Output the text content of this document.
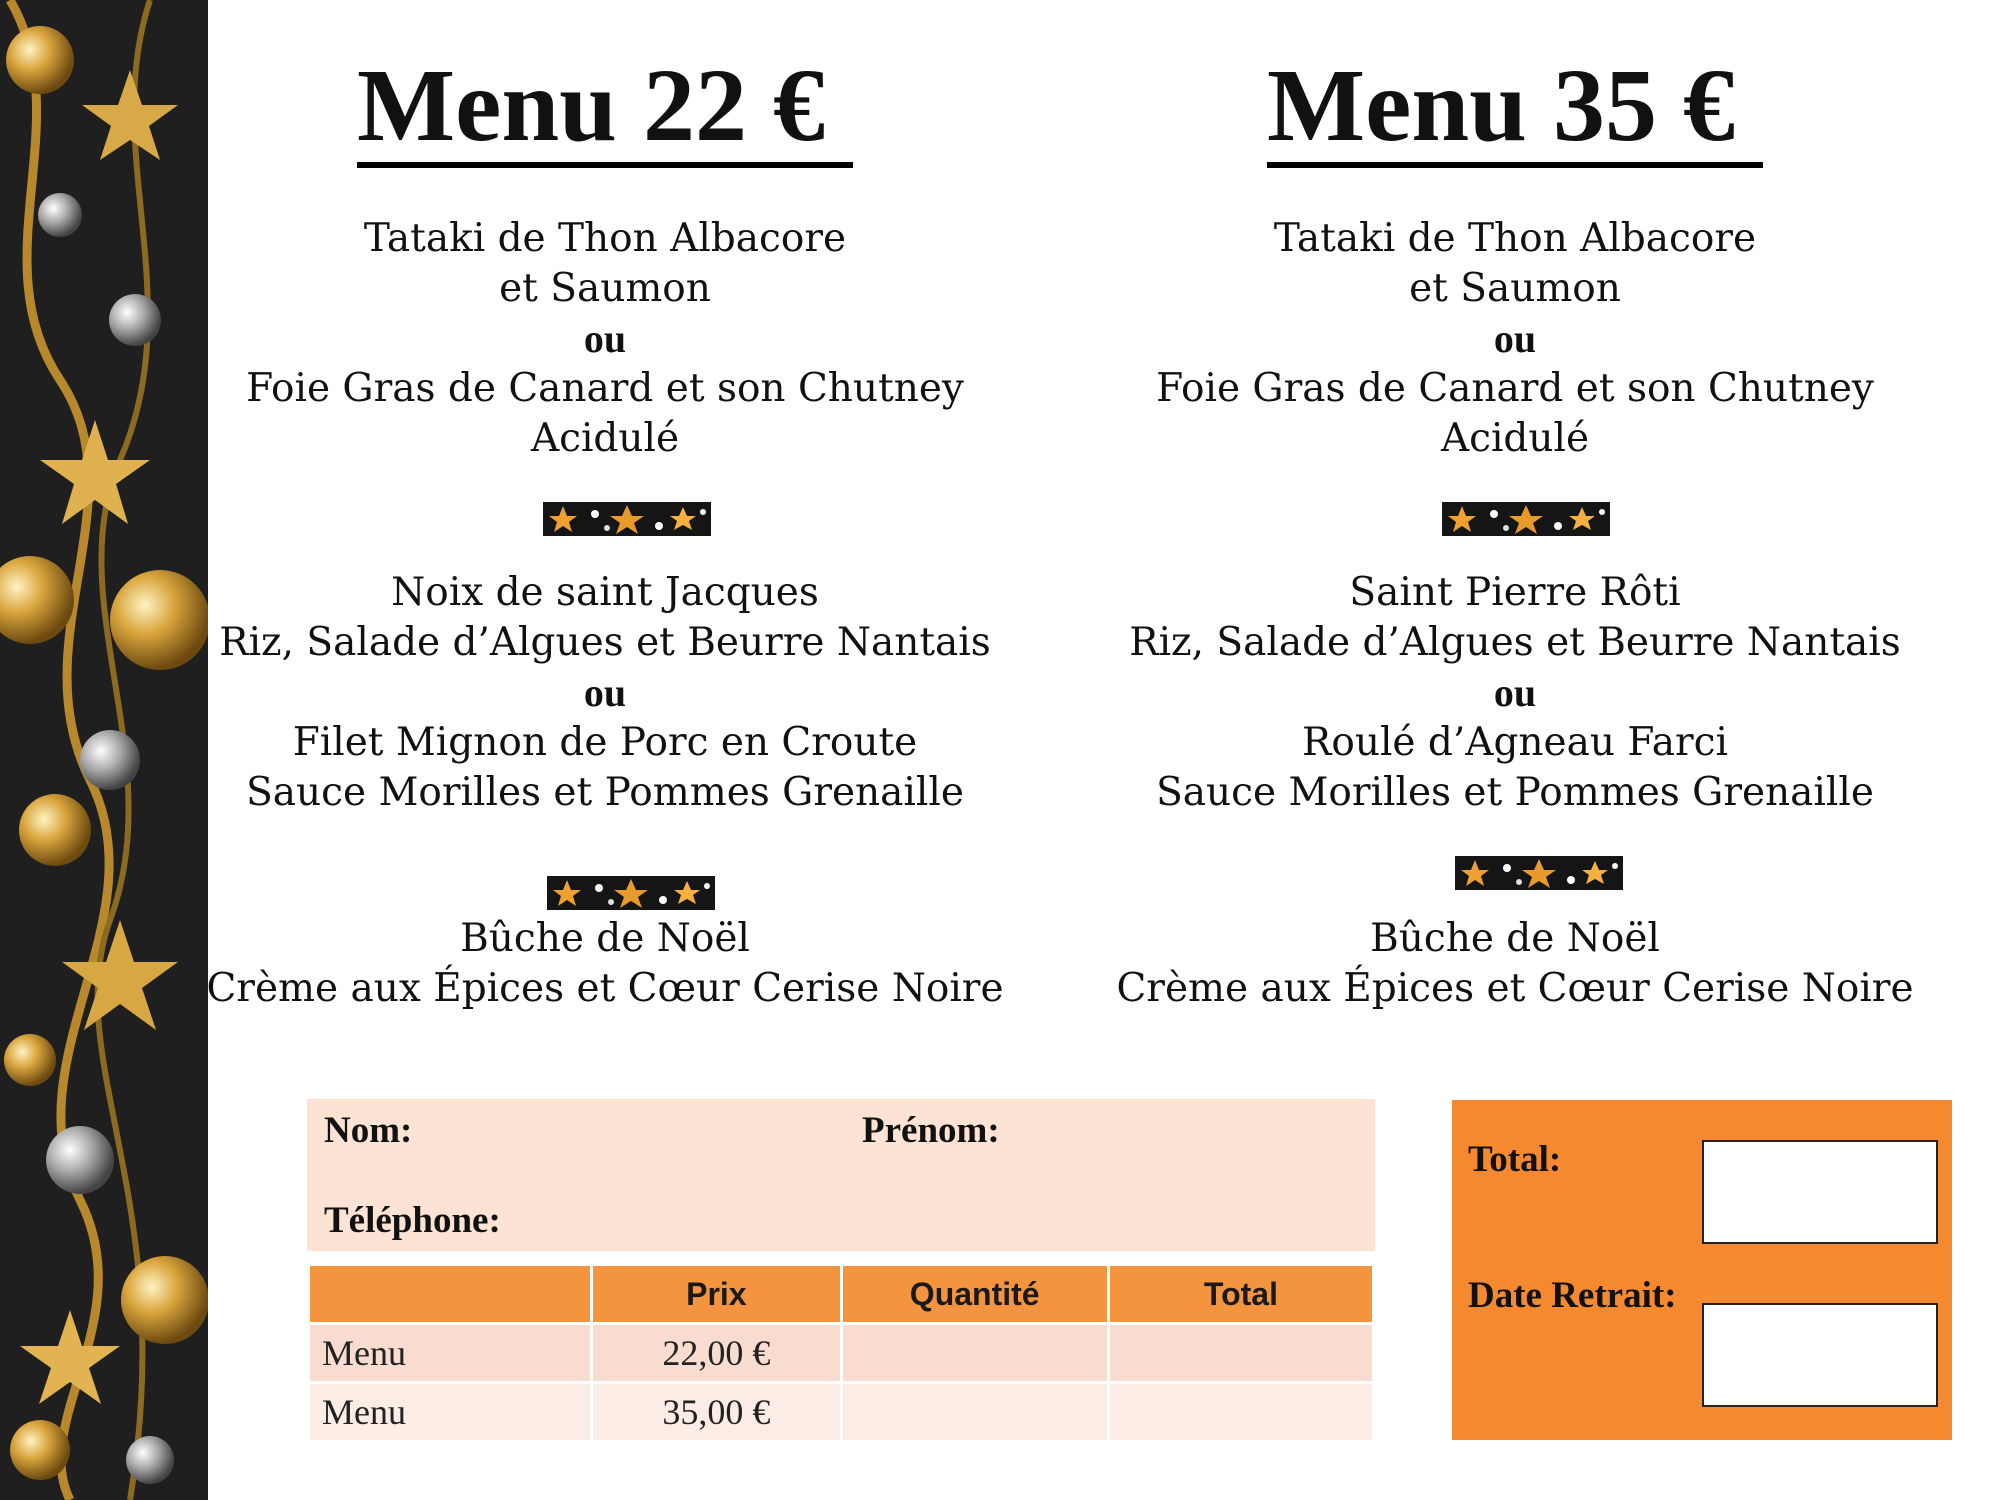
Menu 22 €
Tataki de Thon Albacore
et Saumon
ou
Foie Gras de Canard et son Chutney
Acidulé
Noix de saint Jacques
Riz, Salade d’Algues et Beurre Nantais
ou
Filet Mignon de Porc en Croute
Sauce Morilles et Pommes Grenaille
Bûche de Noël
Crème aux Épices et Cœur Cerise Noire
Menu 35 €
Tataki de Thon Albacore
et Saumon
ou
Foie Gras de Canard et son Chutney
Acidulé
Saint Pierre Rôti
Riz, Salade d’Algues et Beurre Nantais
ou
Roulé d’Agneau Farci
Sauce Morilles et Pommes Grenaille
Bûche de Noël
Crème aux Épices et Cœur Cerise Noire
Nom:	Prénom:
Téléphone:
	Prix	Quantité	Total
Menu	22,00 €		
Menu	35,00 €		
Total:
Date Retrait:
